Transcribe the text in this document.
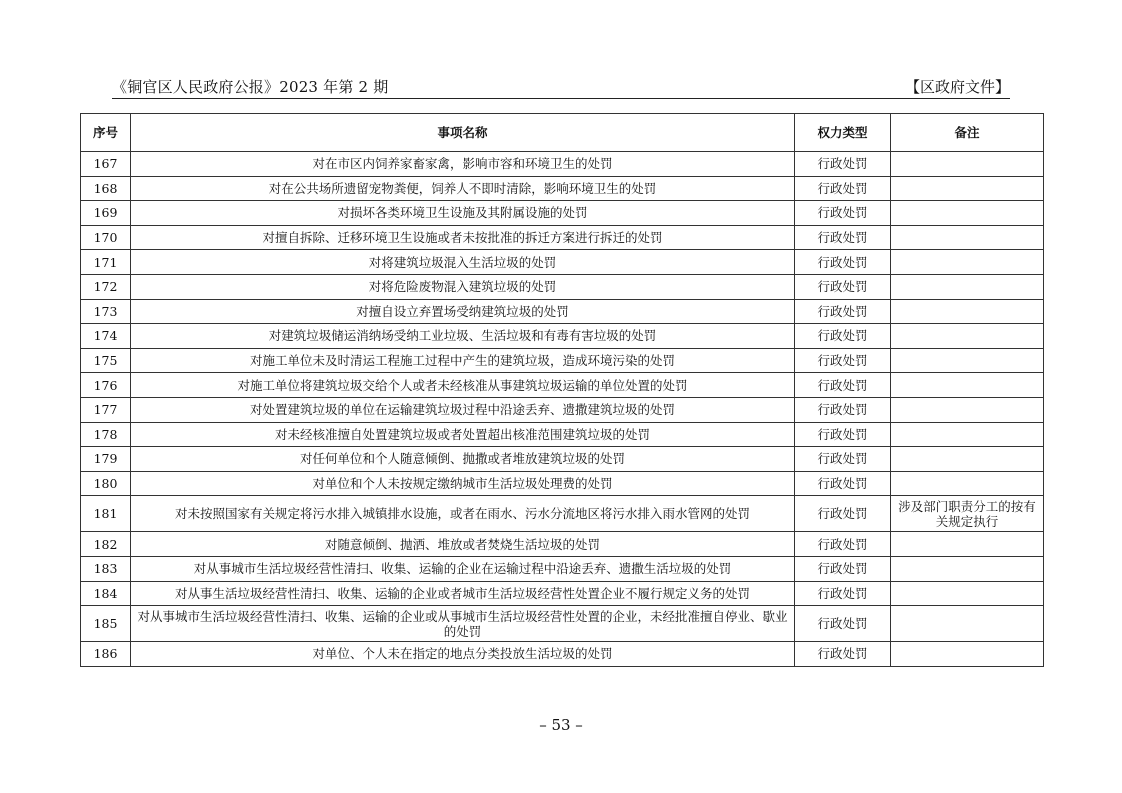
《铜官区人民政府公报》2023 年第 2 期	【区政府文件】
序号	事项名称	权力类型	备注
167	对在市区内饲养家畜家禽，影响市容和环境卫生的处罚	行政处罚	
168	对在公共场所遗留宠物粪便，饲养人不即时清除，影响环境卫生的处罚	行政处罚	
169	对损坏各类环境卫生设施及其附属设施的处罚	行政处罚	
170	对擅自拆除、迁移环境卫生设施或者未按批准的拆迁方案进行拆迁的处罚	行政处罚	
171	对将建筑垃圾混入生活垃圾的处罚	行政处罚	
172	对将危险废物混入建筑垃圾的处罚	行政处罚	
173	对擅自设立弃置场受纳建筑垃圾的处罚	行政处罚	
174	对建筑垃圾储运消纳场受纳工业垃圾、生活垃圾和有毒有害垃圾的处罚	行政处罚	
175	对施工单位未及时清运工程施工过程中产生的建筑垃圾，造成环境污染的处罚	行政处罚	
176	对施工单位将建筑垃圾交给个人或者未经核准从事建筑垃圾运输的单位处置的处罚	行政处罚	
177	对处置建筑垃圾的单位在运输建筑垃圾过程中沿途丢弃、遗撒建筑垃圾的处罚	行政处罚	
178	对未经核准擅自处置建筑垃圾或者处置超出核准范围建筑垃圾的处罚	行政处罚	
179	对任何单位和个人随意倾倒、抛撒或者堆放建筑垃圾的处罚	行政处罚	
180	对单位和个人未按规定缴纳城市生活垃圾处理费的处罚	行政处罚	
181	对未按照国家有关规定将污水排入城镇排水设施，或者在雨水、污水分流地区将污水排入雨水管网的处罚	行政处罚	涉及部门职责分工的按有关规定执行
182	对随意倾倒、抛洒、堆放或者焚烧生活垃圾的处罚	行政处罚	
183	对从事城市生活垃圾经营性清扫、收集、运输的企业在运输过程中沿途丢弃、遗撒生活垃圾的处罚	行政处罚	
184	对从事生活垃圾经营性清扫、收集、运输的企业或者城市生活垃圾经营性处置企业不履行规定义务的处罚	行政处罚	
185	对从事城市生活垃圾经营性清扫、收集、运输的企业或从事城市生活垃圾经营性处置的企业，未经批准擅自停业、歇业的处罚	行政处罚	
186	对单位、个人未在指定的地点分类投放生活垃圾的处罚	行政处罚	
– 53 –
